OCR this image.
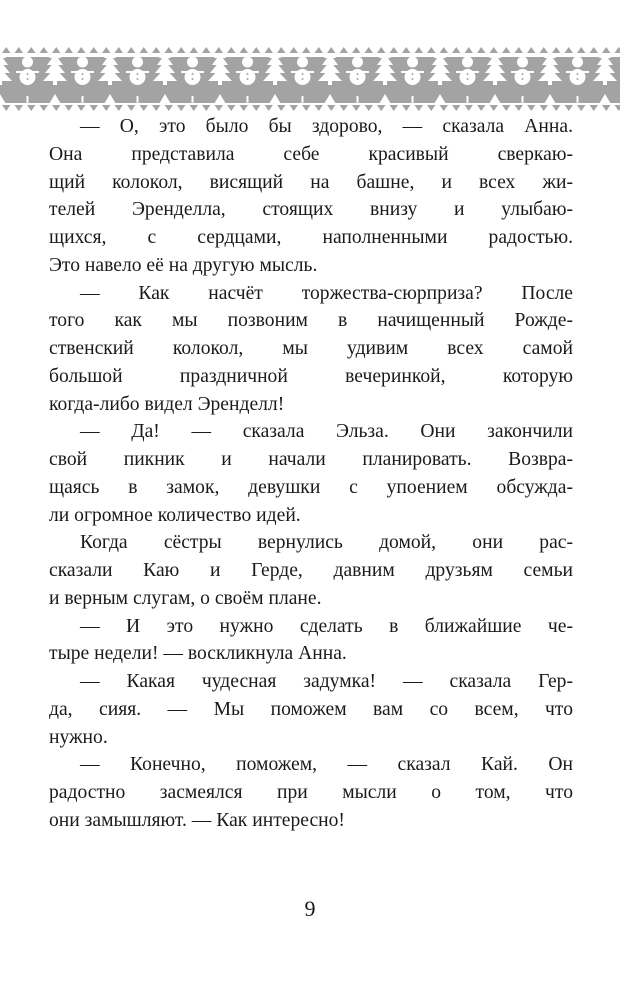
— О, это было бы здорово, — сказала Анна.
Она представила себе красивый сверкаю-
щий колокол, висящий на башне, и всех жи-
телей Эренделла, стоящих внизу и улыбаю-
щихся, с сердцами, наполненными радостью.
Это навело её на другую мысль.
— Как насчёт торжества-сюрприза? После
того как мы позвоним в начищенный Рожде-
ственский колокол, мы удивим всех самой
большой праздничной вечеринкой, которую
когда-либо видел Эренделл!
— Да! — сказала Эльза. Они закончили
свой пикник и начали планировать. Возвра-
щаясь в замок, девушки с упоением обсужда-
ли огромное количество идей.
Когда сёстры вернулись домой, они рас-
сказали Каю и Герде, давним друзьям семьи
и верным слугам, о своём плане.
— И это нужно сделать в ближайшие че-
тыре недели! — воскликнула Анна.
— Какая чудесная задумка! — сказала Гер-
да, сияя. — Мы поможем вам со всем, что
нужно.
— Конечно, поможем, — сказал Кай. Он
радостно засмеялся при мысли о том, что
они замышляют. — Как интересно!
9
